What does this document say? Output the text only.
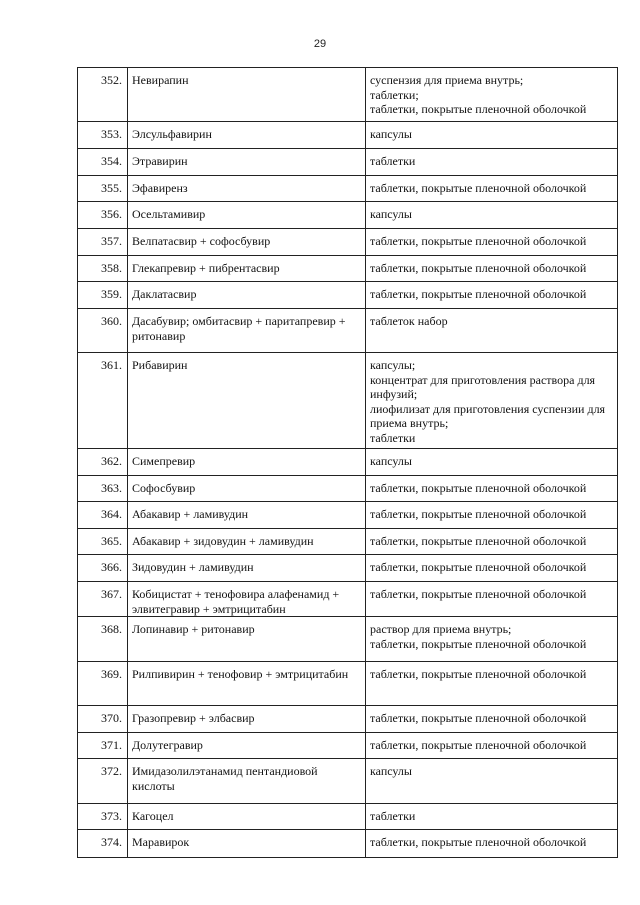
29
352.	Невирапин	суспензия для приема внутрь;
таблетки;
таблетки, покрытые пленочной оболочкой
353.	Элсульфавирин	капсулы
354.	Этравирин	таблетки
355.	Эфавиренз	таблетки, покрытые пленочной оболочкой
356.	Осельтамивир	капсулы
357.	Велпатасвир + софосбувир	таблетки, покрытые пленочной оболочкой
358.	Глекапревир + пибрентасвир	таблетки, покрытые пленочной оболочкой
359.	Даклатасвир	таблетки, покрытые пленочной оболочкой
360.	Дасабувир; омбитасвир + паритапревир + ритонавир	таблеток набор
361.	Рибавирин	капсулы;
концентрат для приготовления раствора для инфузий;
лиофилизат для приготовления суспензии для приема внутрь;
таблетки
362.	Симепревир	капсулы
363.	Софосбувир	таблетки, покрытые пленочной оболочкой
364.	Абакавир + ламивудин	таблетки, покрытые пленочной оболочкой
365.	Абакавир + зидовудин + ламивудин	таблетки, покрытые пленочной оболочкой
366.	Зидовудин + ламивудин	таблетки, покрытые пленочной оболочкой
367.	Кобицистат + тенофовира алафенамид + элвитегравир + эмтрицитабин	таблетки, покрытые пленочной оболочкой
368.	Лопинавир + ритонавир	раствор для приема внутрь;
таблетки, покрытые пленочной оболочкой
369.	Рилпивирин + тенофовир + эмтрицитабин	таблетки, покрытые пленочной оболочкой
370.	Гразопревир + элбасвир	таблетки, покрытые пленочной оболочкой
371.	Долутегравир	таблетки, покрытые пленочной оболочкой
372.	Имидазолилэтанамид пентандиовой кислоты	капсулы
373.	Кагоцел	таблетки
374.	Маравирок	таблетки, покрытые пленочной оболочкой
